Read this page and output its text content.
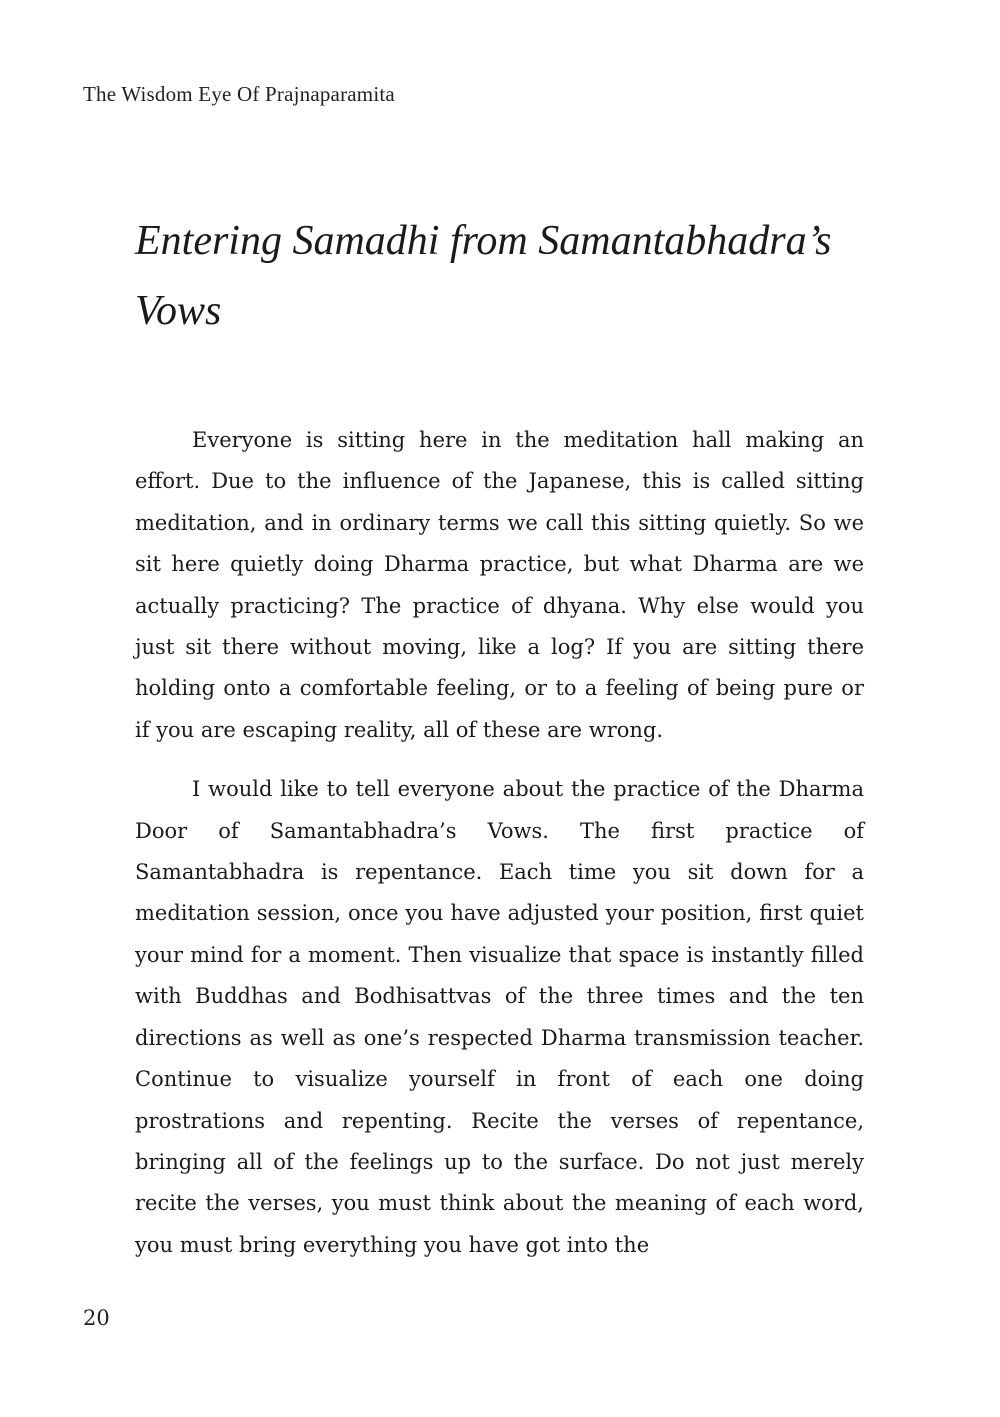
The Wisdom Eye Of Prajnaparamita
Entering Samadhi from Samantabhadra’s Vows

Everyone is sitting here in the meditation hall making an effort. Due to the influence of the Japanese, this is called sitting meditation, and in ordinary terms we call this sitting quietly. So we sit here quietly doing Dharma practice, but what Dharma are we actually practicing? The practice of dhyana. Why else would you just sit there without moving, like a log? If you are sitting there holding onto a comfortable feeling, or to a feeling of being pure or if you are escaping reality, all of these are wrong.

I would like to tell everyone about the practice of the Dharma Door of Samantabhadra’s Vows. The first practice of Samantabhadra is repentance. Each time you sit down for a meditation session, once you have adjusted your position, first quiet your mind for a moment. Then visualize that space is instantly filled with Buddhas and Bodhisattvas of the three times and the ten directions as well as one’s respected Dharma transmission teacher. Continue to visualize yourself in front of each one doing prostrations and repenting. Recite the verses of repentance, bringing all of the feelings up to the surface. Do not just merely recite the verses, you must think about the meaning of each word, you must bring everything you have got into the

20
